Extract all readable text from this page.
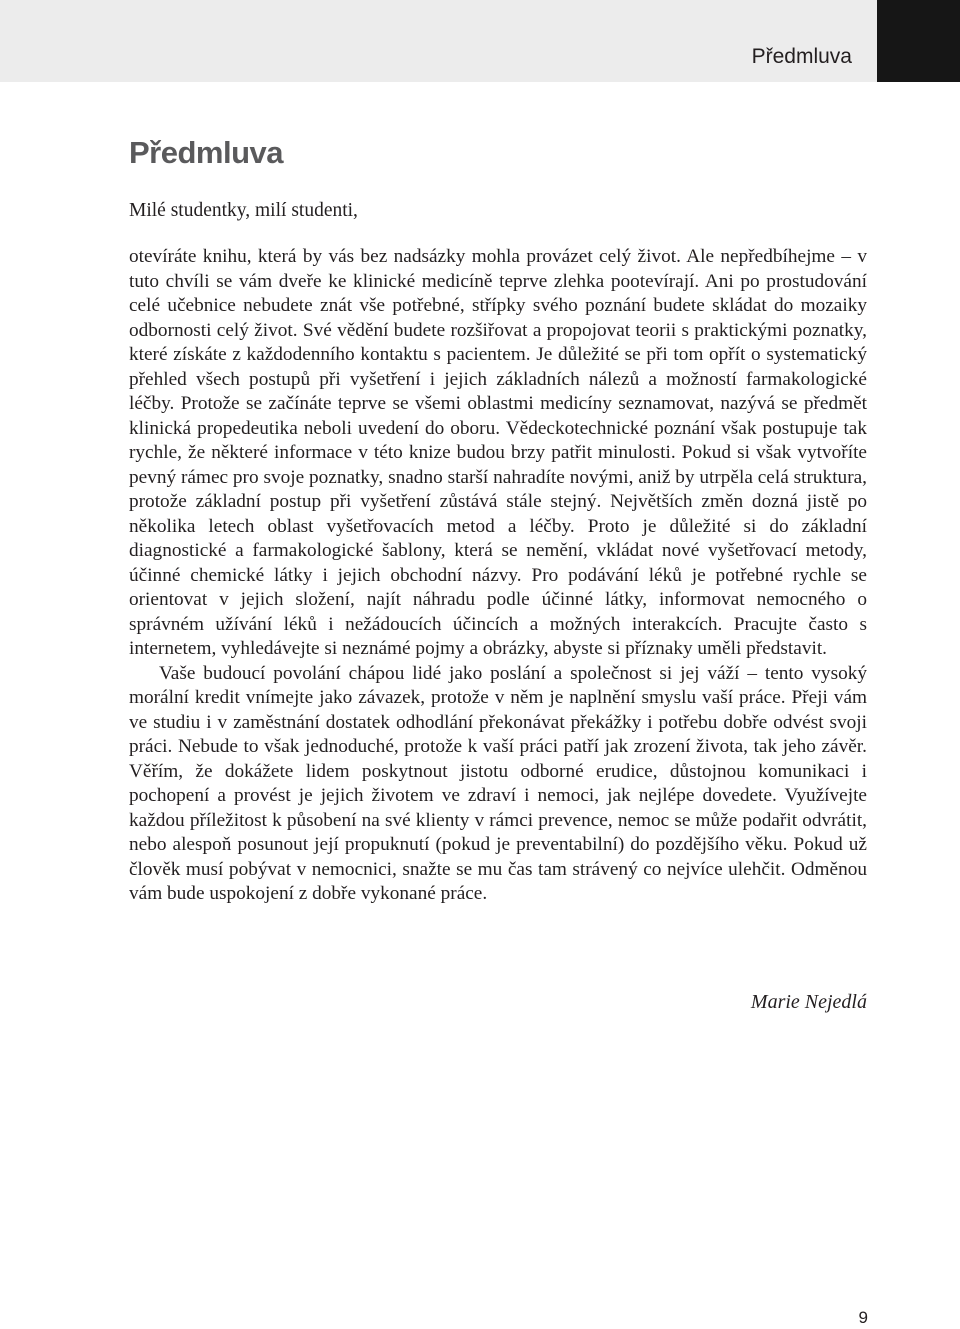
Předmluva
Předmluva

Milé studentky, milí studenti,

otevíráte knihu, která by vás bez nadsázky mohla provázet celý život. Ale nepředbíhejme – v tuto chvíli se vám dveře ke klinické medicíně teprve zlehka pootevírají. Ani po prostudování celé učebnice nebudete znát vše potřebné, střípky svého poznání budete skládat do mozaiky odbornosti celý život. Své vědění budete rozšiřovat a propojovat teorii s praktickými poznatky, které získáte z každodenního kontaktu s pacientem. Je důležité se při tom opřít o systematický přehled všech postupů při vyšetření i jejich základních nálezů a možností farmakologické léčby. Protože se začínáte teprve se všemi oblastmi medicíny seznamovat, nazývá se předmět klinická propedeutika neboli uvedení do oboru. Vědeckotechnické poznání však postupuje tak rychle, že některé informace v této knize budou brzy patřit minulosti. Pokud si však vytvoříte pevný rámec pro svoje poznatky, snadno starší nahradíte novými, aniž by utrpěla celá struktura, protože základní postup při vyšetření zůstává stále stejný. Největších změn dozná jistě po několika letech oblast vyšetřovacích metod a léčby. Proto je důležité si do základní diagnostické a farmakologické šablony, která se nemění, vkládat nové vyšetřovací metody, účinné chemické látky i jejich obchodní názvy. Pro podávání léků je potřebné rychle se orientovat v jejich složení, najít náhradu podle účinné látky, informovat nemocného o správném užívání léků i nežádoucích účincích a možných interakcích. Pracujte často s internetem, vyhledávejte si neznámé pojmy a obrázky, abyste si příznaky uměli představit.

Vaše budoucí povolání chápou lidé jako poslání a společnost si jej váží – tento vysoký morální kredit vnímejte jako závazek, protože v něm je naplnění smyslu vaší práce. Přeji vám ve studiu i v zaměstnání dostatek odhodlání překonávat překážky i potřebu dobře odvést svoji práci. Nebude to však jednoduché, protože k vaší práci patří jak zrození života, tak jeho závěr. Věřím, že dokážete lidem poskytnout jistotu odborné erudice, důstojnou komunikaci i pochopení a provést je jejich životem ve zdraví i nemoci, jak nejlépe dovedete. Využívejte každou příležitost k působení na své klienty v rámci prevence, nemoc se může podařit odvrátit, nebo alespoň posunout její propuknutí (pokud je preventabilní) do pozdějšího věku. Pokud už člověk musí pobývat v nemocnici, snažte se mu čas tam strávený co nejvíce ulehčit. Odměnou vám bude uspokojení z dobře vykonané práce.

Marie Nejedlá
9
